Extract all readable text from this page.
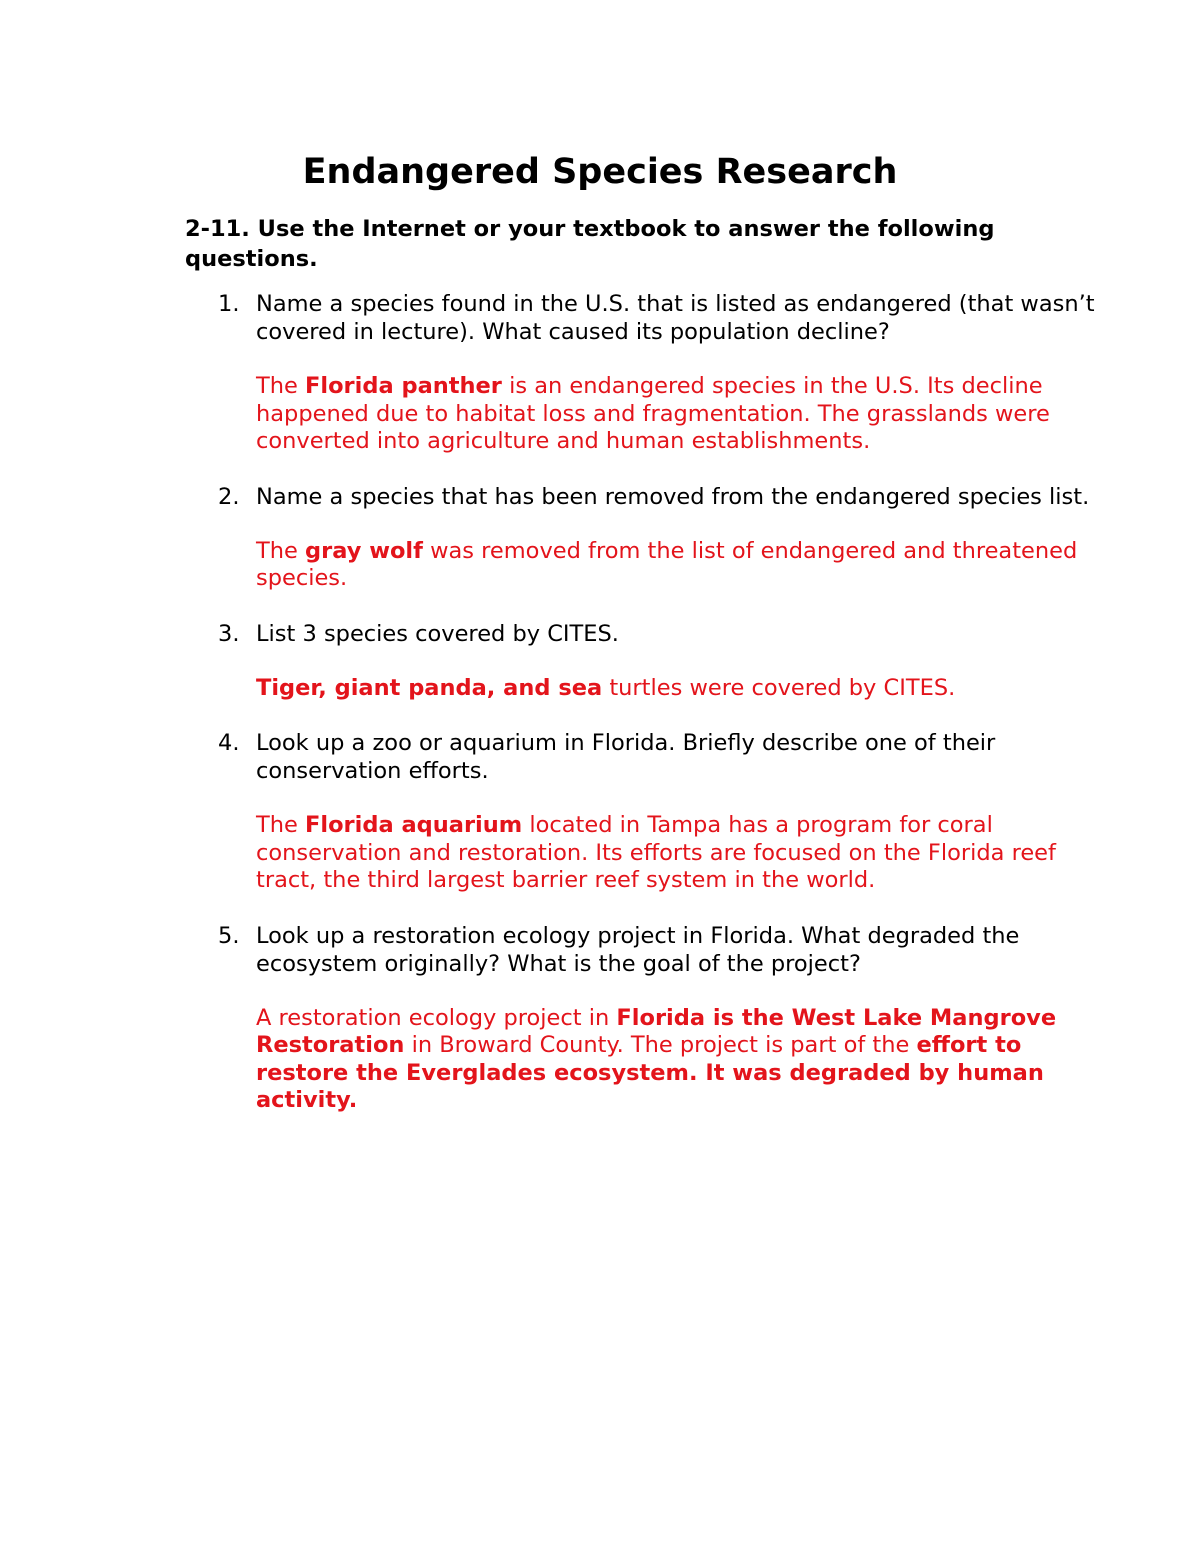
Endangered Species Research

2-11. Use the Internet or your textbook to answer the following questions.

1. Name a species found in the U.S. that is listed as endangered (that wasn’t covered in lecture). What caused its population decline?

The Florida panther is an endangered species in the U.S. Its decline happened due to habitat loss and fragmentation. The grasslands were converted into agriculture and human establishments.

2. Name a species that has been removed from the endangered species list.

The gray wolf was removed from the list of endangered and threatened species.

3. List 3 species covered by CITES.

Tiger, giant panda, and sea turtles were covered by CITES.

4. Look up a zoo or aquarium in Florida. Briefly describe one of their conservation efforts.

The Florida aquarium located in Tampa has a program for coral conservation and restoration. Its efforts are focused on the Florida reef tract, the third largest barrier reef system in the world.

5. Look up a restoration ecology project in Florida. What degraded the ecosystem originally? What is the goal of the project?

A restoration ecology project in Florida is the West Lake Mangrove Restoration in Broward County. The project is part of the effort to restore the Everglades ecosystem. It was degraded by human activity.
